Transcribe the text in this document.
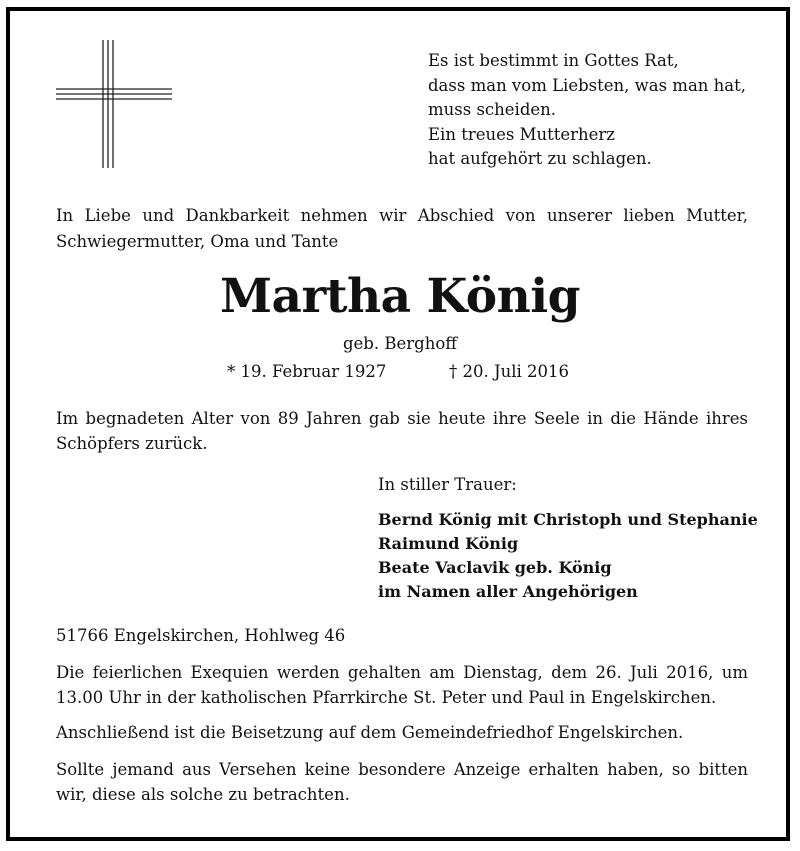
Es ist bestimmt in Gottes Rat,
dass man vom Liebsten, was man hat,
muss scheiden.
Ein treues Mutterherz
hat aufgehört zu schlagen.
In Liebe und Dankbarkeit nehmen wir Abschied von unserer lieben Mutter, Schwiegermutter, Oma und Tante
Martha König
geb. Berghoff
* 19. Februar 1927	† 20. Juli 2016
Im begnadeten Alter von 89 Jahren gab sie heute ihre Seele in die Hände ihres Schöpfers zurück.
In stiller Trauer:
Bernd König mit Christoph und Stephanie
Raimund König
Beate Vaclavik geb. König
im Namen aller Angehörigen
51766 Engelskirchen, Hohlweg 46
Die feierlichen Exequien werden gehalten am Dienstag, dem 26. Juli 2016, um 13.00 Uhr in der katholischen Pfarrkirche St. Peter und Paul in Engelskirchen.
Anschließend ist die Beisetzung auf dem Gemeindefriedhof Engelskirchen.
Sollte jemand aus Versehen keine besondere Anzeige erhalten haben, so bitten wir, diese als solche zu betrachten.
